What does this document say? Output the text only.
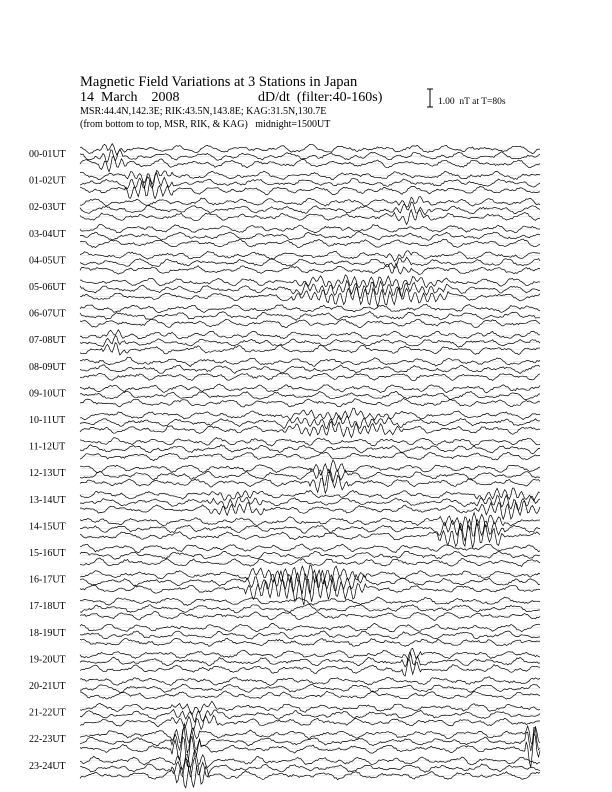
Magnetic Field Variations at 3 Stations in Japan
14  March    2008	dD/dt  (filter:40-160s)
MSR:44.4N,142.3E; RIK:43.5N,143.8E; KAG:31.5N,130.7E
(from bottom to top, MSR, RIK, & KAG)   midnight=1500UT
1.00  nT at T=80s
00-01UT
01-02UT
02-03UT
03-04UT
04-05UT
05-06UT
06-07UT
07-08UT
08-09UT
09-10UT
10-11UT
11-12UT
12-13UT
13-14UT
14-15UT
15-16UT
16-17UT
17-18UT
18-19UT
19-20UT
20-21UT
21-22UT
22-23UT
23-24UT
